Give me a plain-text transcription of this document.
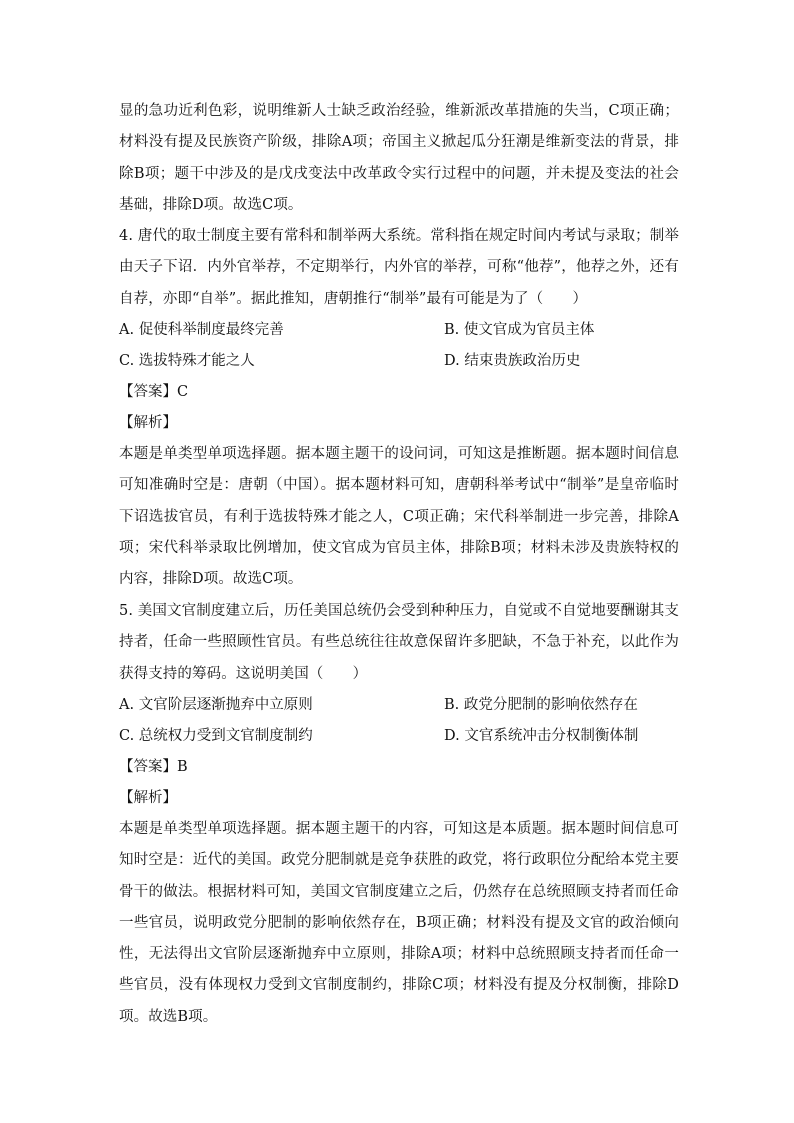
显的急功近利色彩，说明维新人士缺乏政治经验，维新派改革措施的失当，C项正确；材料没有提及民族资产阶级，排除A项；帝国主义掀起瓜分狂潮是维新变法的背景，排除B项；题干中涉及的是戊戌变法中改革政令实行过程中的问题，并未提及变法的社会基础，排除D项。故选C项。

4. 唐代的取士制度主要有常科和制举两大系统。常科指在规定时间内考试与录取；制举由天子下诏．内外官举荐，不定期举行，内外官的举荐，可称“他荐”，他荐之外，还有自荐，亦即“自举”。据此推知，唐朝推行“制举”最有可能是为了（　　）

A. 促使科举制度最终完善	B. 使文官成为官员主体
C. 选拔特殊才能之人	D. 结束贵族政治历史
【答案】C
【解析】

本题是单类型单项选择题。据本题主题干的设问词，可知这是推断题。据本题时间信息可知准确时空是：唐朝（中国）。据本题材料可知，唐朝科举考试中“制举”是皇帝临时下诏选拔官员，有利于选拔特殊才能之人，C项正确；宋代科举制进一步完善，排除A项；宋代科举录取比例增加，使文官成为官员主体，排除B项；材料未涉及贵族特权的内容，排除D项。故选C项。

5. 美国文官制度建立后，历任美国总统仍会受到种种压力，自觉或不自觉地要酬谢其支持者，任命一些照顾性官员。有些总统往往故意保留许多肥缺，不急于补充，以此作为获得支持的筹码。这说明美国（　　）

A. 文官阶层逐渐抛弃中立原则	B. 政党分肥制的影响依然存在
C. 总统权力受到文官制度制约	D. 文官系统冲击分权制衡体制
【答案】B
【解析】

本题是单类型单项选择题。据本题主题干的内容，可知这是本质题。据本题时间信息可知时空是：近代的美国。政党分肥制就是竞争获胜的政党，将行政职位分配给本党主要骨干的做法。根据材料可知，美国文官制度建立之后，仍然存在总统照顾支持者而任命一些官员，说明政党分肥制的影响依然存在，B项正确；材料没有提及文官的政治倾向性，无法得出文官阶层逐渐抛弃中立原则，排除A项；材料中总统照顾支持者而任命一些官员，没有体现权力受到文官制度制约，排除C项；材料没有提及分权制衡，排除D项。故选B项。
